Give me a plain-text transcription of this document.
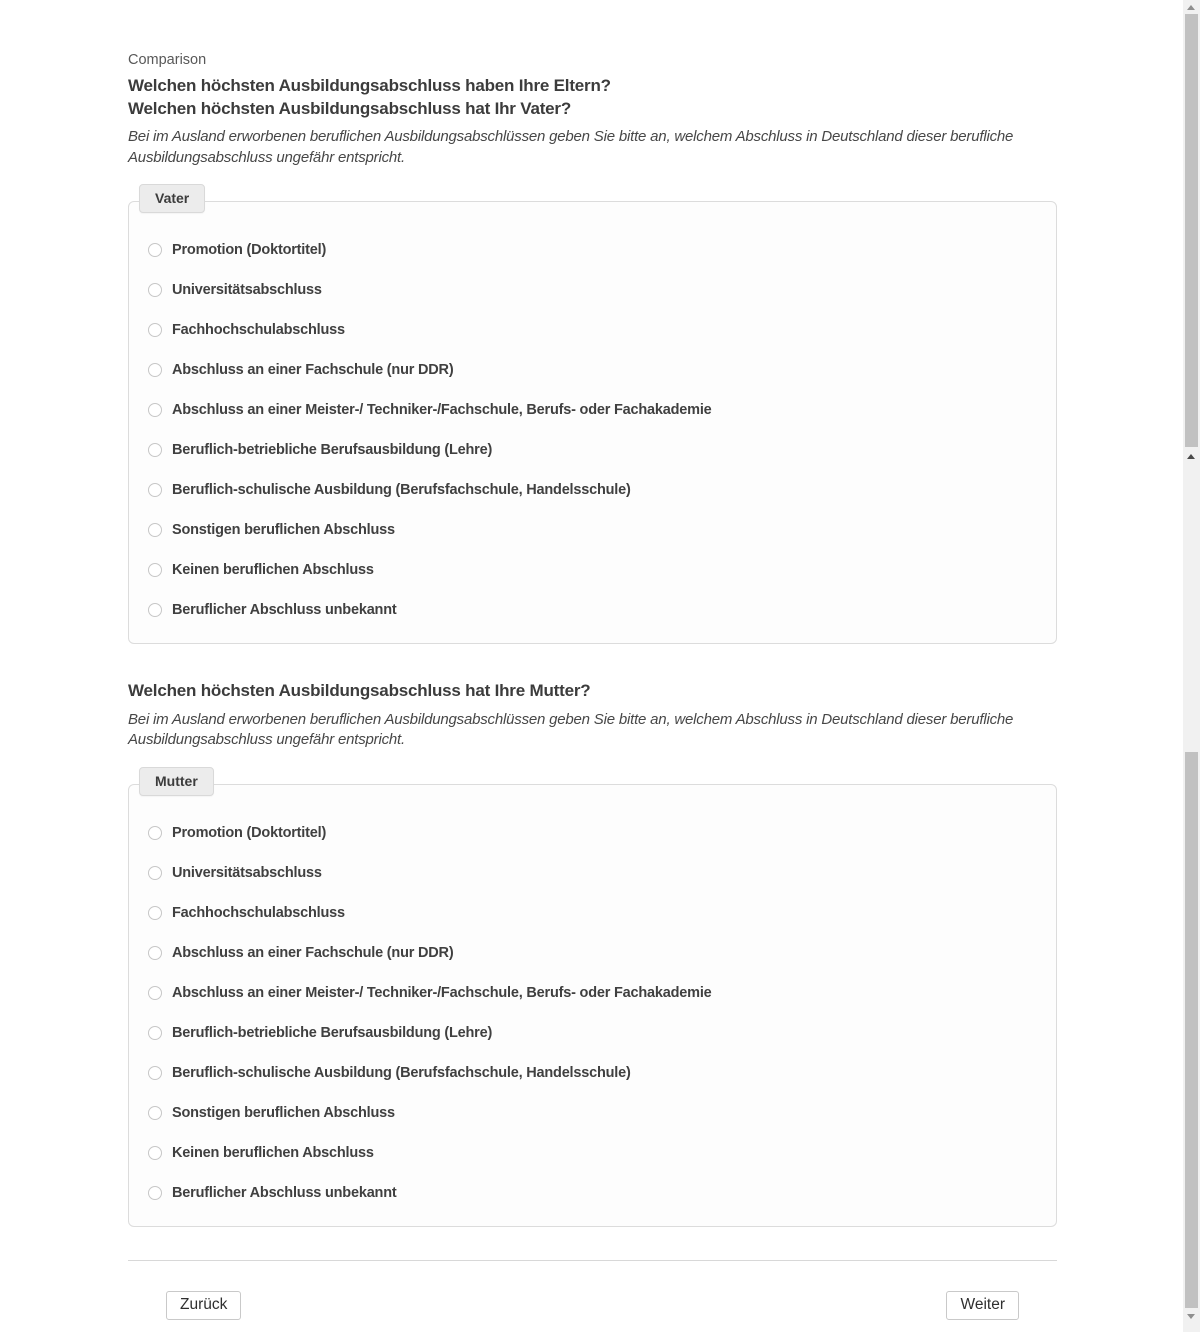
Comparison
Welchen höchsten Ausbildungsabschluss haben Ihre Eltern?
Welchen höchsten Ausbildungsabschluss hat Ihr Vater?
Bei im Ausland erworbenen beruflichen Ausbildungsabschlüssen geben Sie bitte an, welchem Abschluss in Deutschland dieser berufliche Ausbildungsabschluss ungefähr entspricht.
Vater
Promotion (Doktortitel)
Universitätsabschluss
Fachhochschulabschluss
Abschluss an einer Fachschule (nur DDR)
Abschluss an einer Meister-/ Techniker-/Fachschule, Berufs- oder Fachakademie
Beruflich-betriebliche Berufsausbildung (Lehre)
Beruflich-schulische Ausbildung (Berufsfachschule, Handelsschule)
Sonstigen beruflichen Abschluss
Keinen beruflichen Abschluss
Beruflicher Abschluss unbekannt
Welchen höchsten Ausbildungsabschluss hat Ihre Mutter?
Bei im Ausland erworbenen beruflichen Ausbildungsabschlüssen geben Sie bitte an, welchem Abschluss in Deutschland dieser berufliche Ausbildungsabschluss ungefähr entspricht.
Mutter
Promotion (Doktortitel)
Universitätsabschluss
Fachhochschulabschluss
Abschluss an einer Fachschule (nur DDR)
Abschluss an einer Meister-/ Techniker-/Fachschule, Berufs- oder Fachakademie
Beruflich-betriebliche Berufsausbildung (Lehre)
Beruflich-schulische Ausbildung (Berufsfachschule, Handelsschule)
Sonstigen beruflichen Abschluss
Keinen beruflichen Abschluss
Beruflicher Abschluss unbekannt
Zurück	Weiter
